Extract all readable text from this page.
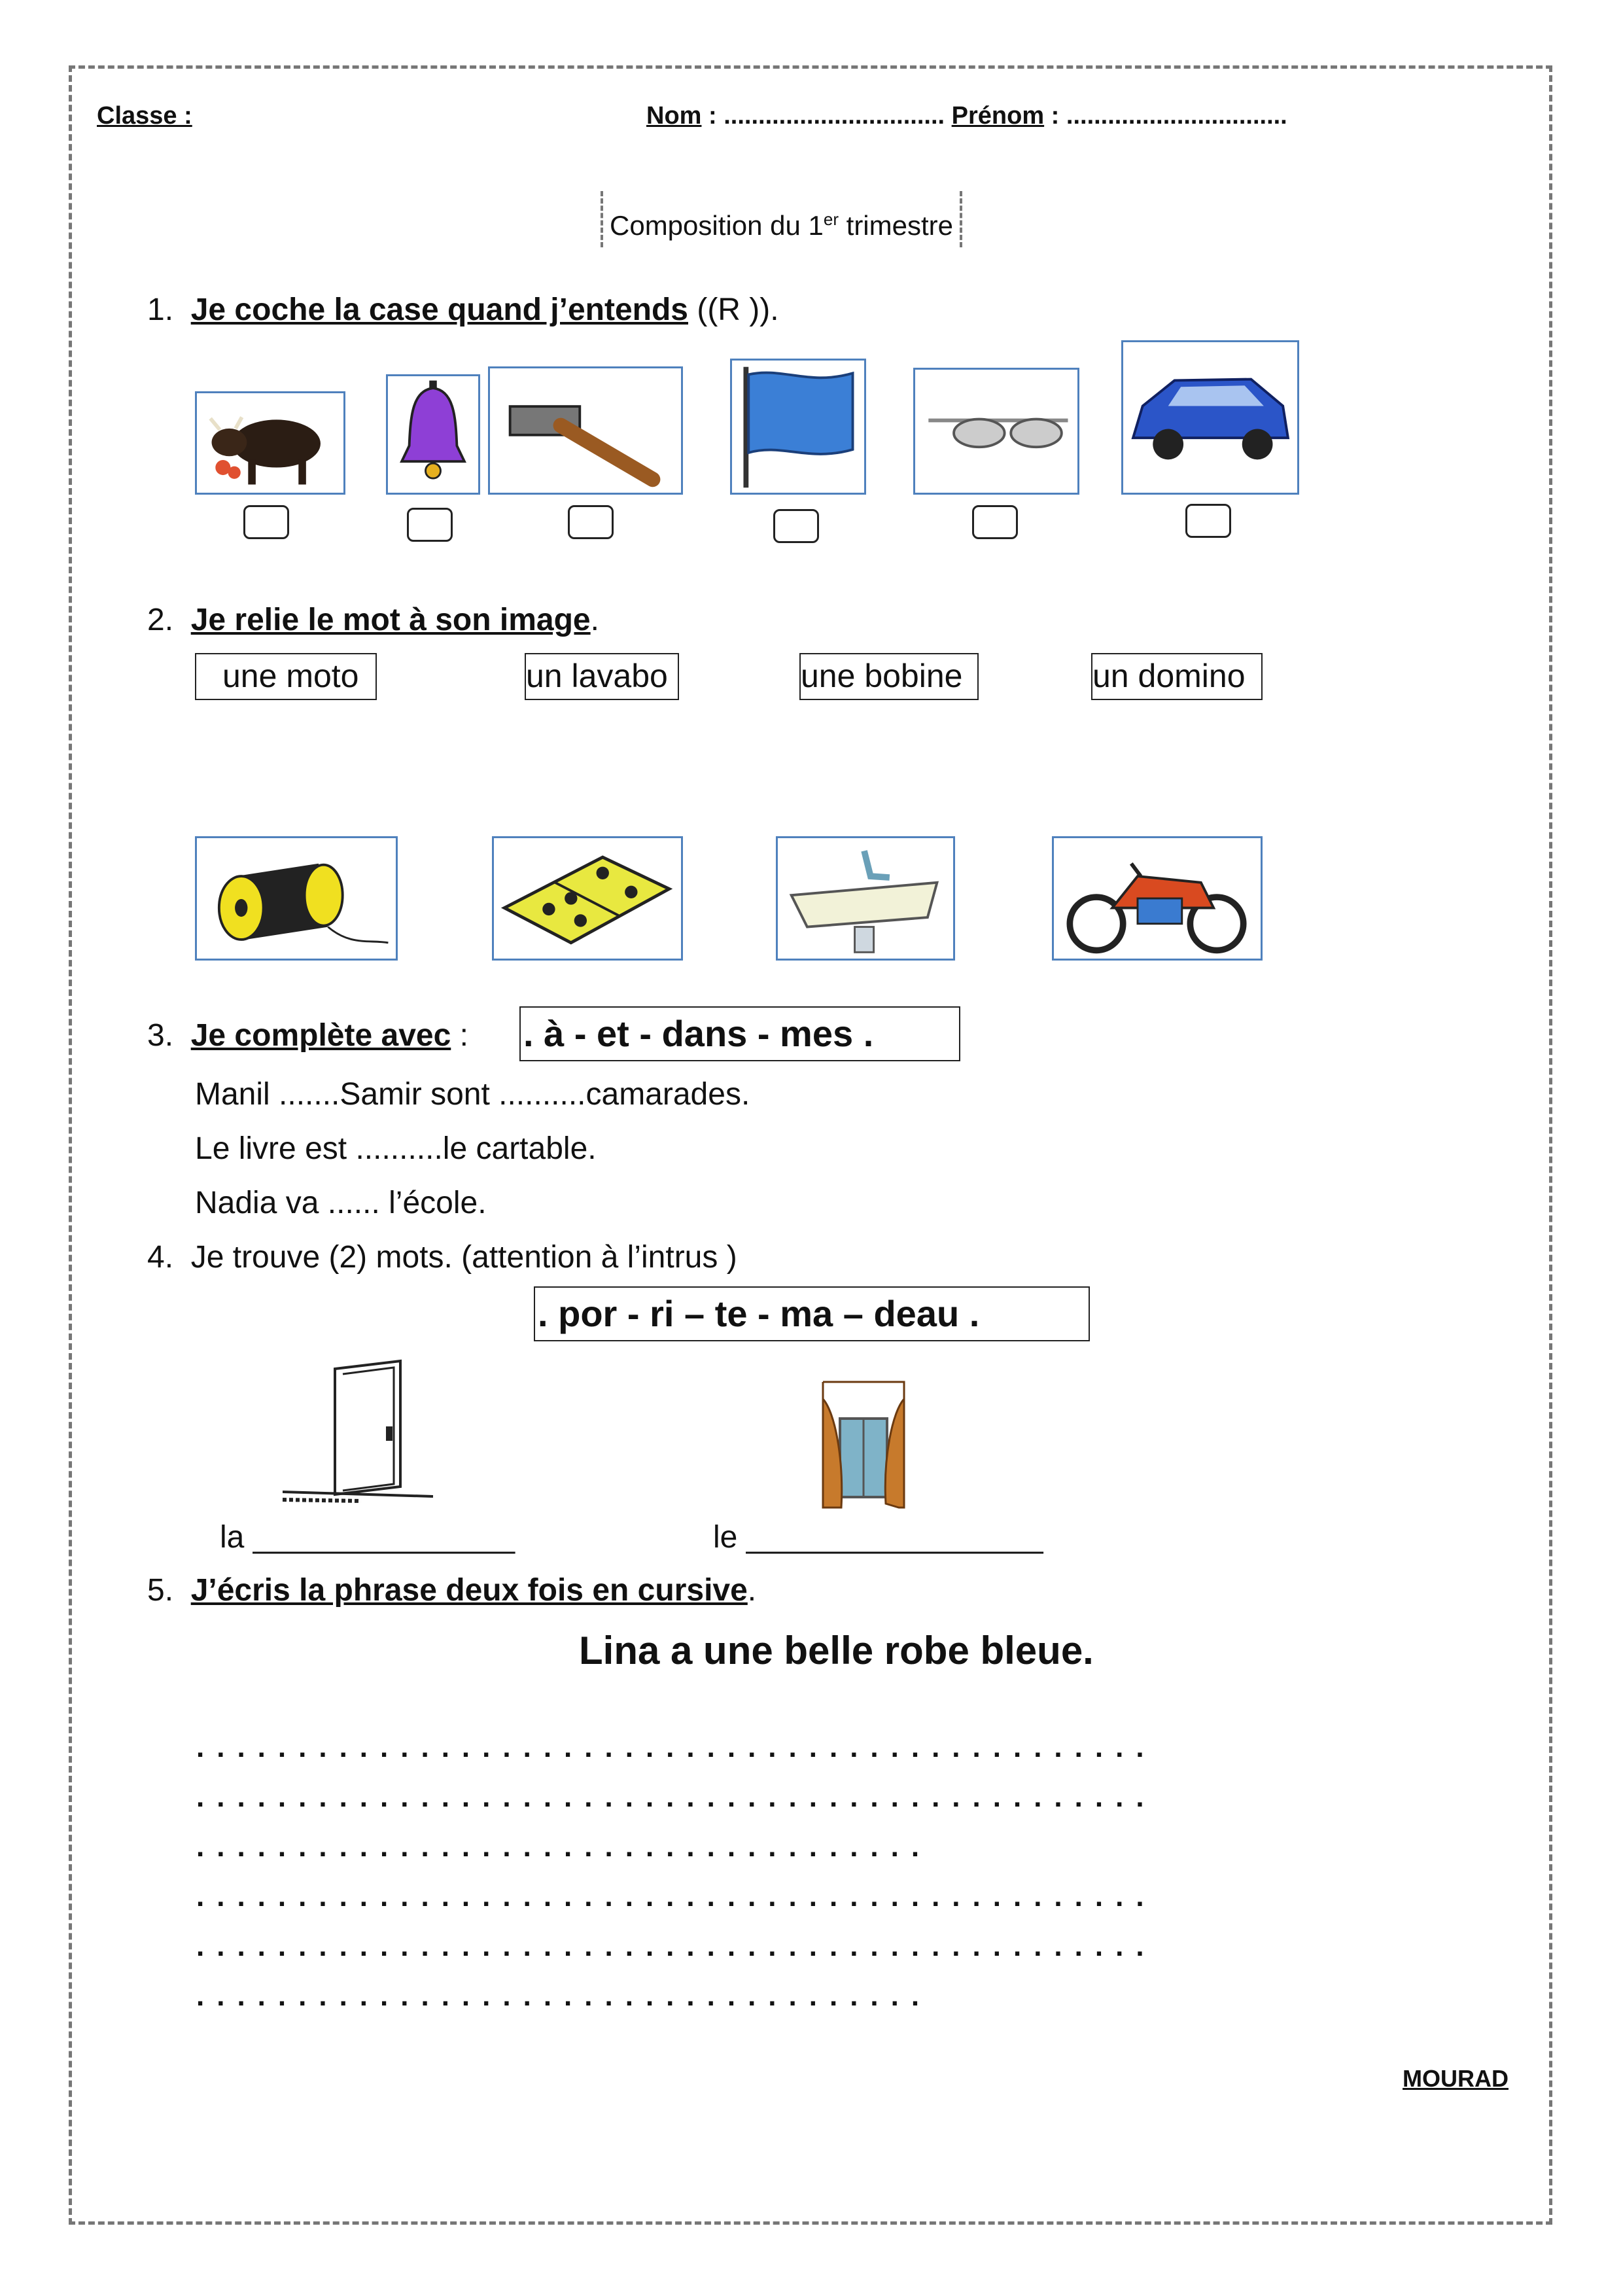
Classe :	Nom : ................................ Prénom : ................................
Composition du 1er trimestre
1. Je coche la case quand j’entends ((R )).
2. Je relie le mot à son image.
une moto	un lavabo	une bobine	un domino
3. Je complète avec : . à - et - dans - mes .
Manil .......Samir sont ..........camarades.
Le livre est ..........le cartable.
Nadia va ...... l’école.
4. Je trouve (2) mots. (attention à l’intrus )
. por - ri – te - ma – deau .
la _______________	le _________________
5. J’écris la phrase deux fois en cursive.
Lina a une belle robe bleue.
...............................................
...............................................
....................................
...............................................
...............................................
....................................
MOURAD
